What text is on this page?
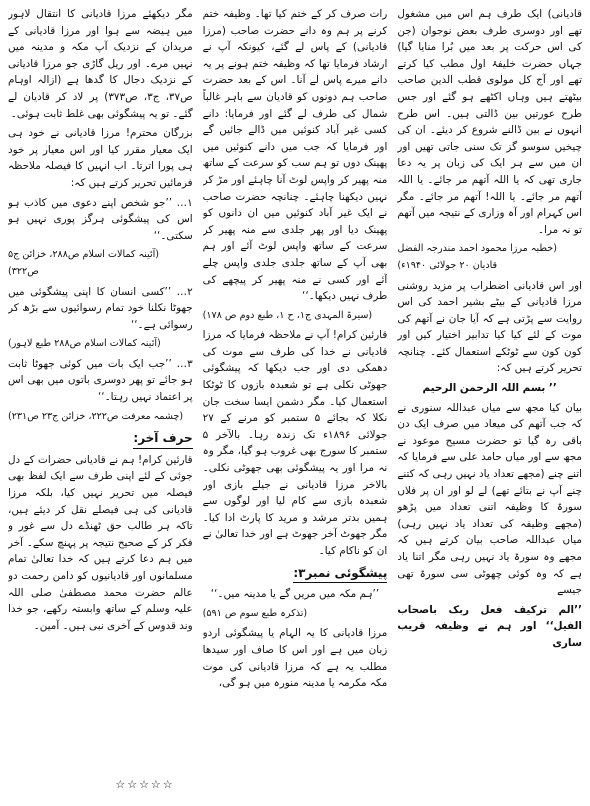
قادیانی) ایک طرف ہم اس میں مشغول تھے اور دوسری طرف بعض نوجوان (جن کی اس حرکت پر بعد میں بُرا منایا گیا) جہاں حضرت خلیفۂ اول مطب کیا کرتے تھے اور آج کل مولوی قطب الدین صاحب بیٹھتے ہیں وہاں اکٹھے ہو گئے اور جس طرح عورتیں بین ڈالتی ہیں۔ اس طرح انہوں نے بین ڈالنے شروع کر دیئے۔ ان کی چیخیں سوسو گز تک سنی جاتی تھیں اور ان میں سے ہر ایک کی زبان پر یہ دعا جاری تھی کہ یا اللہ آتھم مر جائے۔ یا اللہ آتھم مر جائے۔ یا اللہ! آتھم مر جائے۔ مگر اس کہرام اور آہ وزاری کے نتیجہ میں آتھم تو نہ مرا۔

(خطبہ مرزا محمود احمد مندرجہ الفضل قادیان ۲۰ جولائی ۱۹۴۰ء)

اور اس قادیانی اضطراب پر مزید روشنی مرزا قادیانی کے بیٹے بشیر احمد کی اس روایت سے پڑتی ہے کہ آیا جان نے آتھم کی موت کے لئے کیا کیا تدابیر اختیار کیں اور کون کون سے ٹوٹکے استعمال کئے۔ چنانچہ تحریر کرتے ہیں کہ:

’’ بسم اللہ الرحمن الرحیم

بیان کیا مجھ سے میاں عبداللہ سنوری نے کہ جب آتھم کی میعاد میں صرف ایک دن باقی رہ گیا تو حضرت مسیح موعود نے مجھ سے اور میاں حامد علی سے فرمایا کہ اتنے چنے (مجھے تعداد یاد نہیں رہی کہ کتنے چنے آپ نے بتائے تھے) لے لو اور ان پر فلاں سورۃ کا وظیفہ اتنی تعداد میں پڑھو (مجھے وظیفہ کی تعداد یاد نہیں رہی) میاں عبداللہ صاحب بیان کرتے ہیں کہ مجھے وہ سورۃ یاد نہیں رہی مگر اتنا یاد ہے کہ وہ کوئی چھوٹی سی سورۃ تھی جیسے

’’الم ترکیف فعل ربک باصحاب الفیل‘‘ اور ہم نے وظیفہ قریب ساری

رات صرف کر کے ختم کیا تھا۔ وظیفہ ختم کرنے پر ہم وہ دانے حضرت صاحب (مرزا قادیانی) کے پاس لے گئے، کیونکہ آپ نے ارشاد فرمایا تھا کہ وظیفہ ختم ہونے پر یہ دانے میرے پاس لے آنا۔ اس کے بعد حضرت صاحب ہم دونوں کو قادیان سے باہر غالباً شمال کی طرف لے گئے اور فرمایا: دانے کسی غیر آباد کنوئیں میں ڈالے جائیں گے اور فرمایا کہ جب میں دانے کنوئیں میں پھینک دوں تو ہم سب کو سرعت کے ساتھ منہ پھیر کر واپس لوٹ آنا چاہئے اور مڑ کر نہیں دیکھنا چاہئے۔ چنانچہ حضرت صاحب نے ایک غیر آباد کنوئیں میں ان دانوں کو پھینک دیا اور پھر جلدی سے منہ پھیر کر سرعت کے ساتھ واپس لوٹ آئے اور ہم بھی آپ کے ساتھ جلدی جلدی واپس چلے آئے اور کسی نے منہ پھیر کر پیچھے کی طرف نہیں دیکھا۔‘‘

(سیرۃ المہدی ج۱، ح ۱، طبع دوم ص ۱۷۸)

قارئین کرام! آپ نے ملاحظہ فرمایا کہ مرزا قادیانی نے خدا کی طرف سے موت کی دھمکی دی اور جب دیکھا کہ پیشگوئی جھوٹی نکلی ہے تو شعبدہ بازوں کا ٹوٹکا استعمال کیا۔ مگر دشمن ایسا سخت جان نکلا کہ بجائے ۵ ستمبر کو مرنے کے ۲۷ جولائی ۱۸۹۶ء تک زندہ رہا۔ بالآخر ۵ ستمبر کا سورج بھی غروب ہو گیا، مگر وہ نہ مرا اور یہ پیشگوئی بھی جھوٹی نکلی۔ بالاخر مرزا قادیانی نے جیلے بازی اور شعبدہ بازی سے کام لیا اور لوگوں سے ہمیں بدتر مرشد و مرید کا پارٹ ادا کیا۔ مگر جھوٹ آخر جھوٹ ہے اور خدا تعالیٰ نے ان کو ناکام کیا۔

پیشگوئی نمبر۳:

’’ہم مکہ میں مریں گے یا مدینہ میں۔‘‘

(تذکرہ طبع سوم ص ۵۹۱)

مرزا قادیانی کا یہ الہام یا پیشگوئی اردو زبان میں ہے اور اس کا صاف اور سیدھا مطلب یہ ہے کہ مرزا قادیانی کی موت مکہ مکرمہ یا مدینہ منورہ میں ہو گی،

مگر دیکھئے مرزا قادیانی کا انتقال لاہور میں ہیضہ سے ہوا اور مرزا قادیانی کے مریدان کے نزدیک آپ مکہ و مدینہ میں نہیں مرے۔ اور ریل گاڑی جو مرزا قادیانی کے نزدیک دجال کا گدھا ہے (ازالہ اوہام ص۳۷، ج۳، ص۳۷۳) پر لاد کر قادیان لے گئے۔ تو یہ پیشگوئی بھی غلط ثابت ہوئی۔

بزرگان محترم! مرزا قادیانی نے خود ہی ایک معیار مقرر کیا اور اس معیار پر خود ہی پورا اترتا۔ اب انہیں کا فیصلہ ملاحظہ فرمائیں تحریر کرتے ہیں کہ:

۱… ’’جو شخص اپنے دعوی میں کاذب ہو اس کی پیشگوئی ہرگز پوری نہیں ہو سکتی۔‘‘

(آئینہ کمالات اسلام ص۲۸۸، خزائن ج۵ ص۳۲۲)

۲… ’’کسی انسان کا اپنی پیشگوئی میں جھوٹا نکلنا خود تمام رسوائیوں سے بڑھ کر رسوائی ہے۔‘‘

(آئینہ کمالات اسلام ص۲۸۸ طبع لاہور)

۳… ’’جب ایک بات میں کوئی جھوٹا ثابت ہو جائے تو پھر دوسری باتوں میں بھی اس پر اعتماد نہیں رہتا۔‘‘

(چشمہ معرفت ص۲۲۲، خزائن ج۲۳ ص۲۳۱)

حرف آخر:

قارئین کرام! ہم نے قادیانی حضرات کے دل جوئی کے لئے اپنی طرف سے ایک لفظ بھی فیصلہ میں تحریر نہیں کیا، بلکہ مرزا قادیانی کی ہی فیصلے نقل کر دیئے ہیں، تاکہ ہر طالب حق ٹھنڈے دل سے غور و فکر کر کے صحیح نتیجہ پر پہنچ سکے۔ آخر میں ہم دعا کرتے ہیں کہ خدا تعالیٰ تمام مسلمانوں اور قادیانیوں کو دامن رحمت دو عالم حضرت محمد مصطفیٰ صلی اللہ علیہ وسلم کے ساتھ وابستہ رکھے، جو خدا وند قدوس کے آخری نبی ہیں۔ آمین۔

☆☆☆☆☆
